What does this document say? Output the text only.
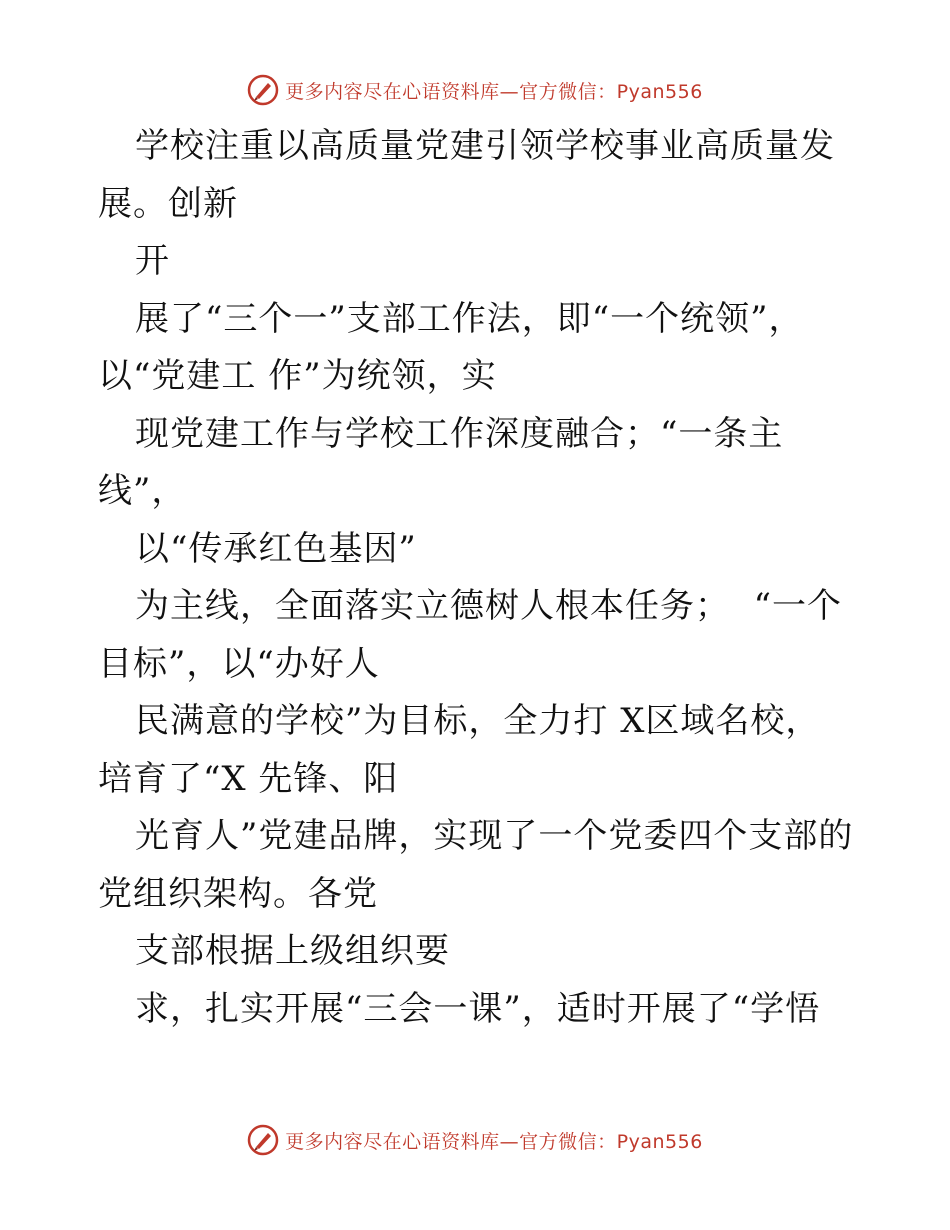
更多内容尽在心语资料库—官方微信：Pyan556
学校注重以高质量党建引领学校事业高质量发
展。创新
开
展了“三个一”支部工作法，即“一个统领”，
以“党建工 作”为统领，实
现党建工作与学校工作深度融合；“一条主
线”，
以“传承红色基因”
为主线，全面落实立德树人根本任务；  “一个
目标”，以“办好人
民满意的学校”为目标，全力打 X区域名校，
培育了“X 先锋、阳
光育人”党建品牌，实现了一个党委四个支部的
党组织架构。各党
支部根据上级组织要
求，扎实开展“三会一课”，适时开展了“学悟
更多内容尽在心语资料库—官方微信：Pyan556
